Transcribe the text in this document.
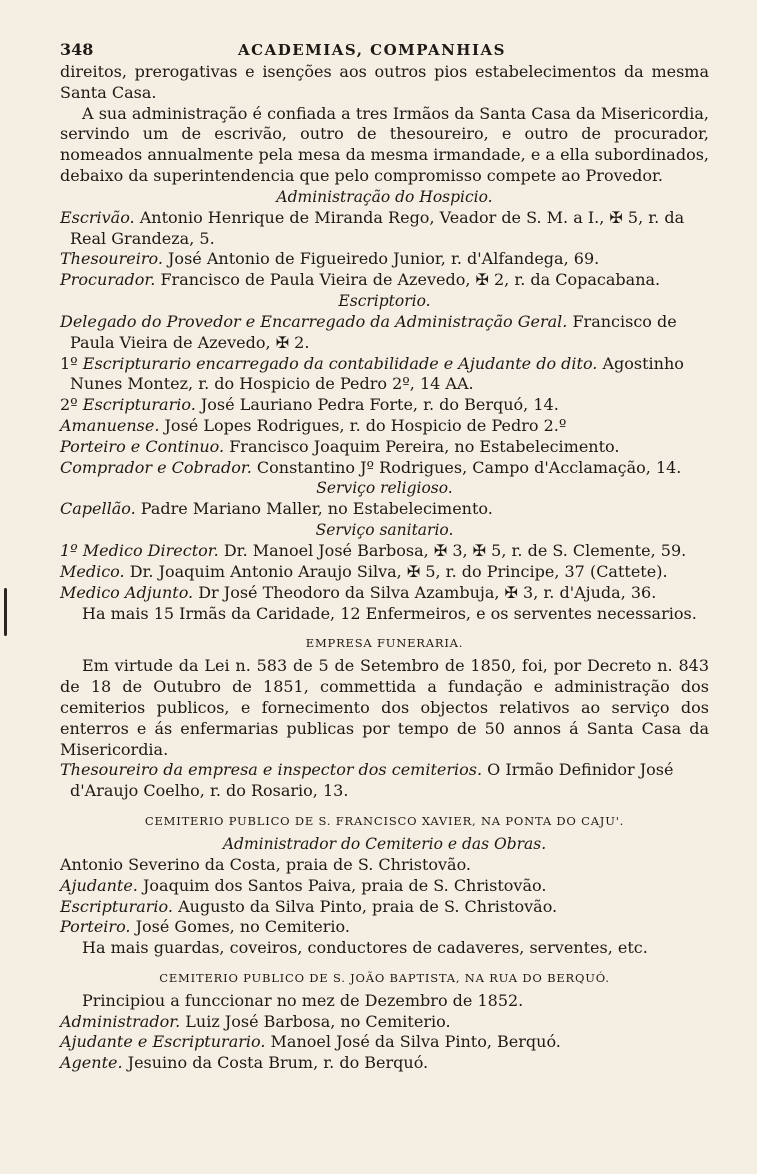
348	ACADEMIAS, COMPANHIAS

direitos, prerogativas e isenções aos outros pios estabelecimentos da mesma Santa Casa.

A sua administração é confiada a tres Irmãos da Santa Casa da Misericordia, servindo um de escrivão, outro de thesoureiro, e outro de procurador, nomeados annualmente pela mesa da mesma irmandade, e a ella subordinados, debaixo da superintendencia que pelo compromisso compete ao Provedor.

Administração do Hospicio.

Escrivão. Antonio Henrique de Miranda Rego, Veador de S. M. a I., ✠ 5, r. da Real Grandeza, 5.

Thesoureiro. José Antonio de Figueiredo Junior, r. d'Alfandega, 69.

Procurador. Francisco de Paula Vieira de Azevedo, ✠ 2, r. da Copacabana.

Escriptorio.

Delegado do Provedor e Encarregado da Administração Geral. Francisco de Paula Vieira de Azevedo, ✠ 2.

1º Escripturario encarregado da contabilidade e Ajudante do dito. Agostinho Nunes Montez, r. do Hospicio de Pedro 2º, 14 AA.

2º Escripturario. José Lauriano Pedra Forte, r. do Berquó, 14.

Amanuense. José Lopes Rodrigues, r. do Hospicio de Pedro 2.º

Porteiro e Continuo. Francisco Joaquim Pereira, no Estabelecimento.

Comprador e Cobrador. Constantino Jº Rodrigues, Campo d'Acclamação, 14.

Serviço religioso.

Capellão. Padre Mariano Maller, no Estabelecimento.

Serviço sanitario.

1º Medico Director. Dr. Manoel José Barbosa, ✠ 3, ✠ 5, r. de S. Clemente, 59.

Medico. Dr. Joaquim Antonio Araujo Silva, ✠ 5, r. do Principe, 37 (Cattete).

Medico Adjunto. Dr José Theodoro da Silva Azambuja, ✠ 3, r. d'Ajuda, 36.

Ha mais 15 Irmãs da Caridade, 12 Enfermeiros, e os serventes necessarios.

EMPRESA FUNERARIA.

Em virtude da Lei n. 583 de 5 de Setembro de 1850, foi, por Decreto n. 843 de 18 de Outubro de 1851, commettida a fundação e administração dos cemiterios publicos, e fornecimento dos objectos relativos ao serviço dos enterros e ás enfermarias publicas por tempo de 50 annos á Santa Casa da Misericordia.

Thesoureiro da empresa e inspector dos cemiterios. O Irmão Definidor José d'Araujo Coelho, r. do Rosario, 13.

CEMITERIO PUBLICO DE S. FRANCISCO XAVIER, NA PONTA DO CAJU'.

Administrador do Cemiterio e das Obras.

Antonio Severino da Costa, praia de S. Christovão.

Ajudante. Joaquim dos Santos Paiva, praia de S. Christovão.

Escripturario. Augusto da Silva Pinto, praia de S. Christovão.

Porteiro. José Gomes, no Cemiterio.

Ha mais guardas, coveiros, conductores de cadaveres, serventes, etc.

CEMITERIO PUBLICO DE S. JOÃO BAPTISTA, NA RUA DO BERQUÓ.

Principiou a funccionar no mez de Dezembro de 1852.

Administrador. Luiz José Barbosa, no Cemiterio.

Ajudante e Escripturario. Manoel José da Silva Pinto, Berquó.

Agente. Jesuino da Costa Brum, r. do Berquó.
